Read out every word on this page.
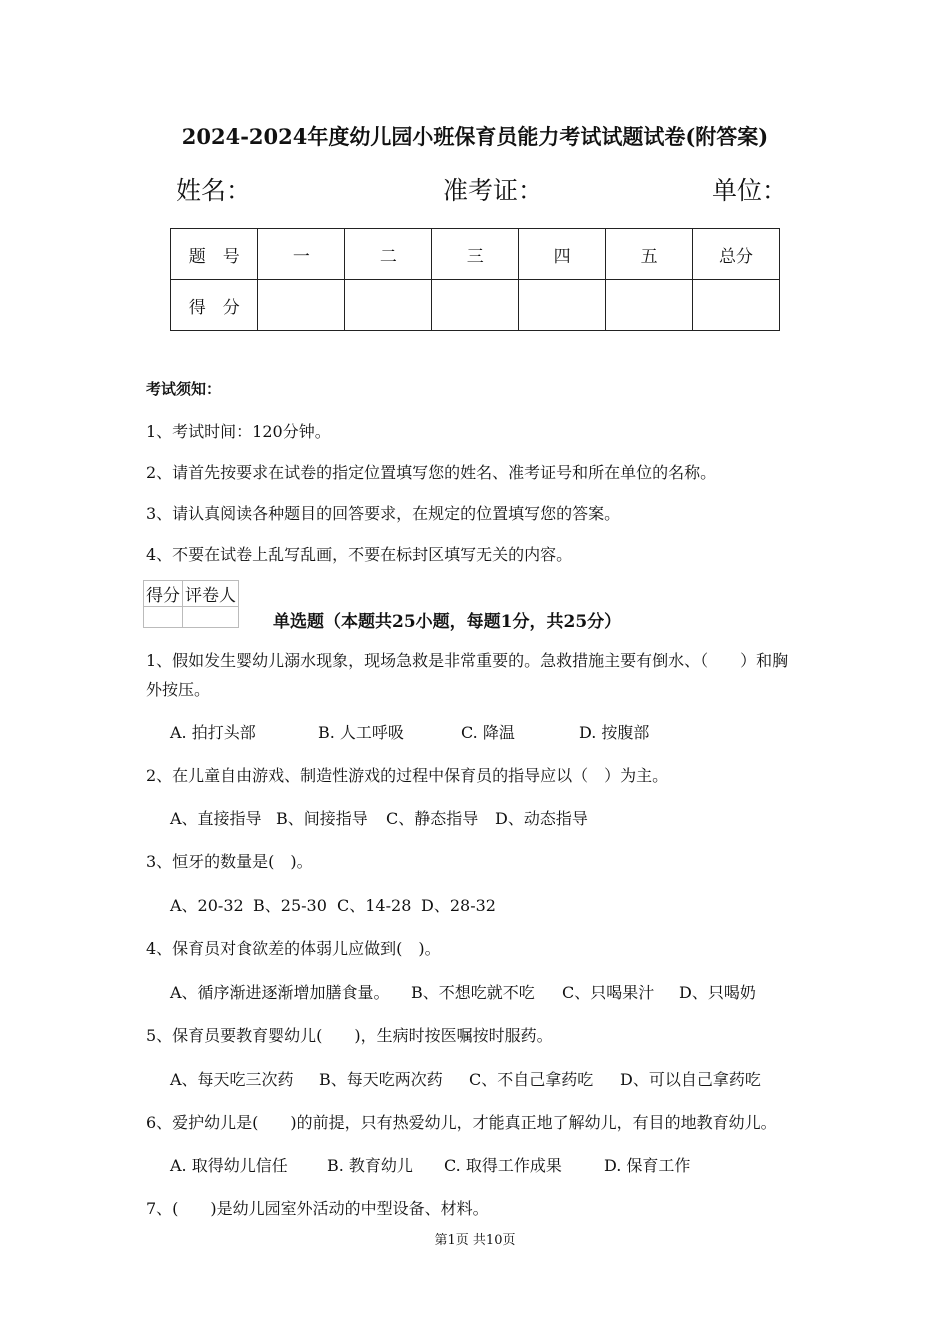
2024-2024年度幼儿园小班保育员能力考试试题试卷(附答案)
姓名：	准考证：	单位：
题　号	一	二	三	四	五	总分
得　分						
考试须知：
1、考试时间：120分钟。
2、请首先按要求在试卷的指定位置填写您的姓名、准考证号和所在单位的名称。
3、请认真阅读各种题目的回答要求，在规定的位置填写您的答案。
4、不要在试卷上乱写乱画，不要在标封区填写无关的内容。
得分	评卷人

单选题（本题共25小题，每题1分，共25分）
1、假如发生婴幼儿溺水现象，现场急救是非常重要的。急救措施主要有倒水、（　　）和胸
外按压。
A. 拍打头部	B. 人工呼吸	C. 降温	D. 按腹部
2、在儿童自由游戏、制造性游戏的过程中保育员的指导应以（　）为主。
A、直接指导 B、间接指导 C、静态指导 D、动态指导
3、恒牙的数量是(　)。
A、20-32 B、25-30 C、14-28 D、28-32
4、保育员对食欲差的体弱儿应做到(　)。
A、循序渐进逐渐增加膳食量。 B、不想吃就不吃 C、只喝果汁 D、只喝奶
5、保育员要教育婴幼儿(　　)，生病时按医嘱按时服药。
A、每天吃三次药 B、每天吃两次药 C、不自己拿药吃 D、可以自己拿药吃
6、爱护幼儿是(　　)的前提，只有热爱幼儿，才能真正地了解幼儿，有目的地教育幼儿。
A. 取得幼儿信任 B. 教育幼儿 C. 取得工作成果	D. 保育工作
7、(　　)是幼儿园室外活动的中型设备、材料。
第1页 共10页
